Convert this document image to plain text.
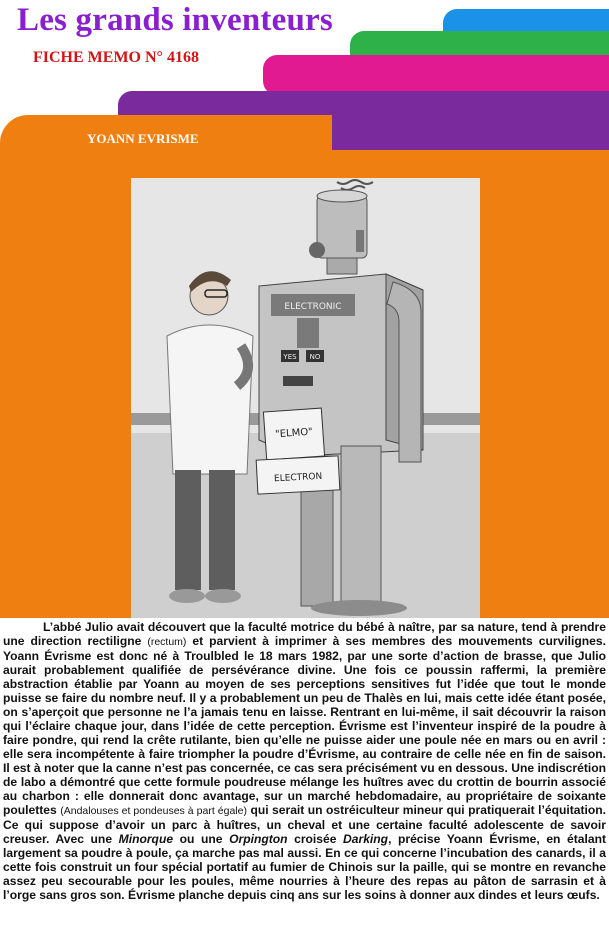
Les grands inventeurs
FICHE MEMO N° 4168
YOANN EVRISME
ELECTRONIC
YES NO
"ELMO"
ELECTRON
L’abbé Julio avait découvert que la faculté motrice du bébé à naître, par sa nature, tend à prendre une direction rectiligne (rectum) et parvient à imprimer à ses membres des mouvements curvilignes. Yoann Évrisme est donc né à Troulbled le 18 mars 1982, par une sorte d’action de brasse, que Julio aurait probablement qualifiée de persévérance divine. Une fois ce poussin raffermi, la première abstraction établie par Yoann au moyen de ses perceptions sensitives fut l’idée que tout le monde puisse se faire du nombre neuf. Il y a probablement un peu de Thalès en lui, mais cette idée étant posée, on s’aperçoit que personne ne l’a jamais tenu en laisse. Rentrant en lui-même, il sait découvrir la raison qui l’éclaire chaque jour, dans l’idée de cette perception. Évrisme est l’inventeur inspiré de la poudre à faire pondre, qui rend la crête rutilante, bien qu’elle ne puisse aider une poule née en mars ou en avril : elle sera incompétente à faire triompher la poudre d’Évrisme, au contraire de celle née en fin de saison. Il est à noter que la canne n’est pas concernée, ce cas sera précisément vu en dessous. Une indiscrétion de labo a démontré que cette formule poudreuse mélange les huîtres avec du crottin de bourrin associé au charbon : elle donnerait donc avantage, sur un marché hebdomadaire, au propriétaire de soixante poulettes (Andalouses et pondeuses à part égale) qui serait un ostréiculteur mineur qui pratiquerait l’équitation. Ce qui suppose d’avoir un parc à huîtres, un cheval et une certaine faculté adolescente de savoir creuser. Avec une Minorque ou une Orpington croisée Darking, précise Yoann Évrisme, en étalant largement sa poudre à poule, ça marche pas mal aussi. En ce qui concerne l’incubation des canards, il a cette fois construit un four spécial portatif au fumier de Chinois sur la paille, qui se montre en revanche assez peu secourable pour les poules, même nourries à l’heure des repas au pâton de sarrasin et à l’orge sans gros son. Évrisme planche depuis cinq ans sur les soins à donner aux dindes et leurs œufs.
